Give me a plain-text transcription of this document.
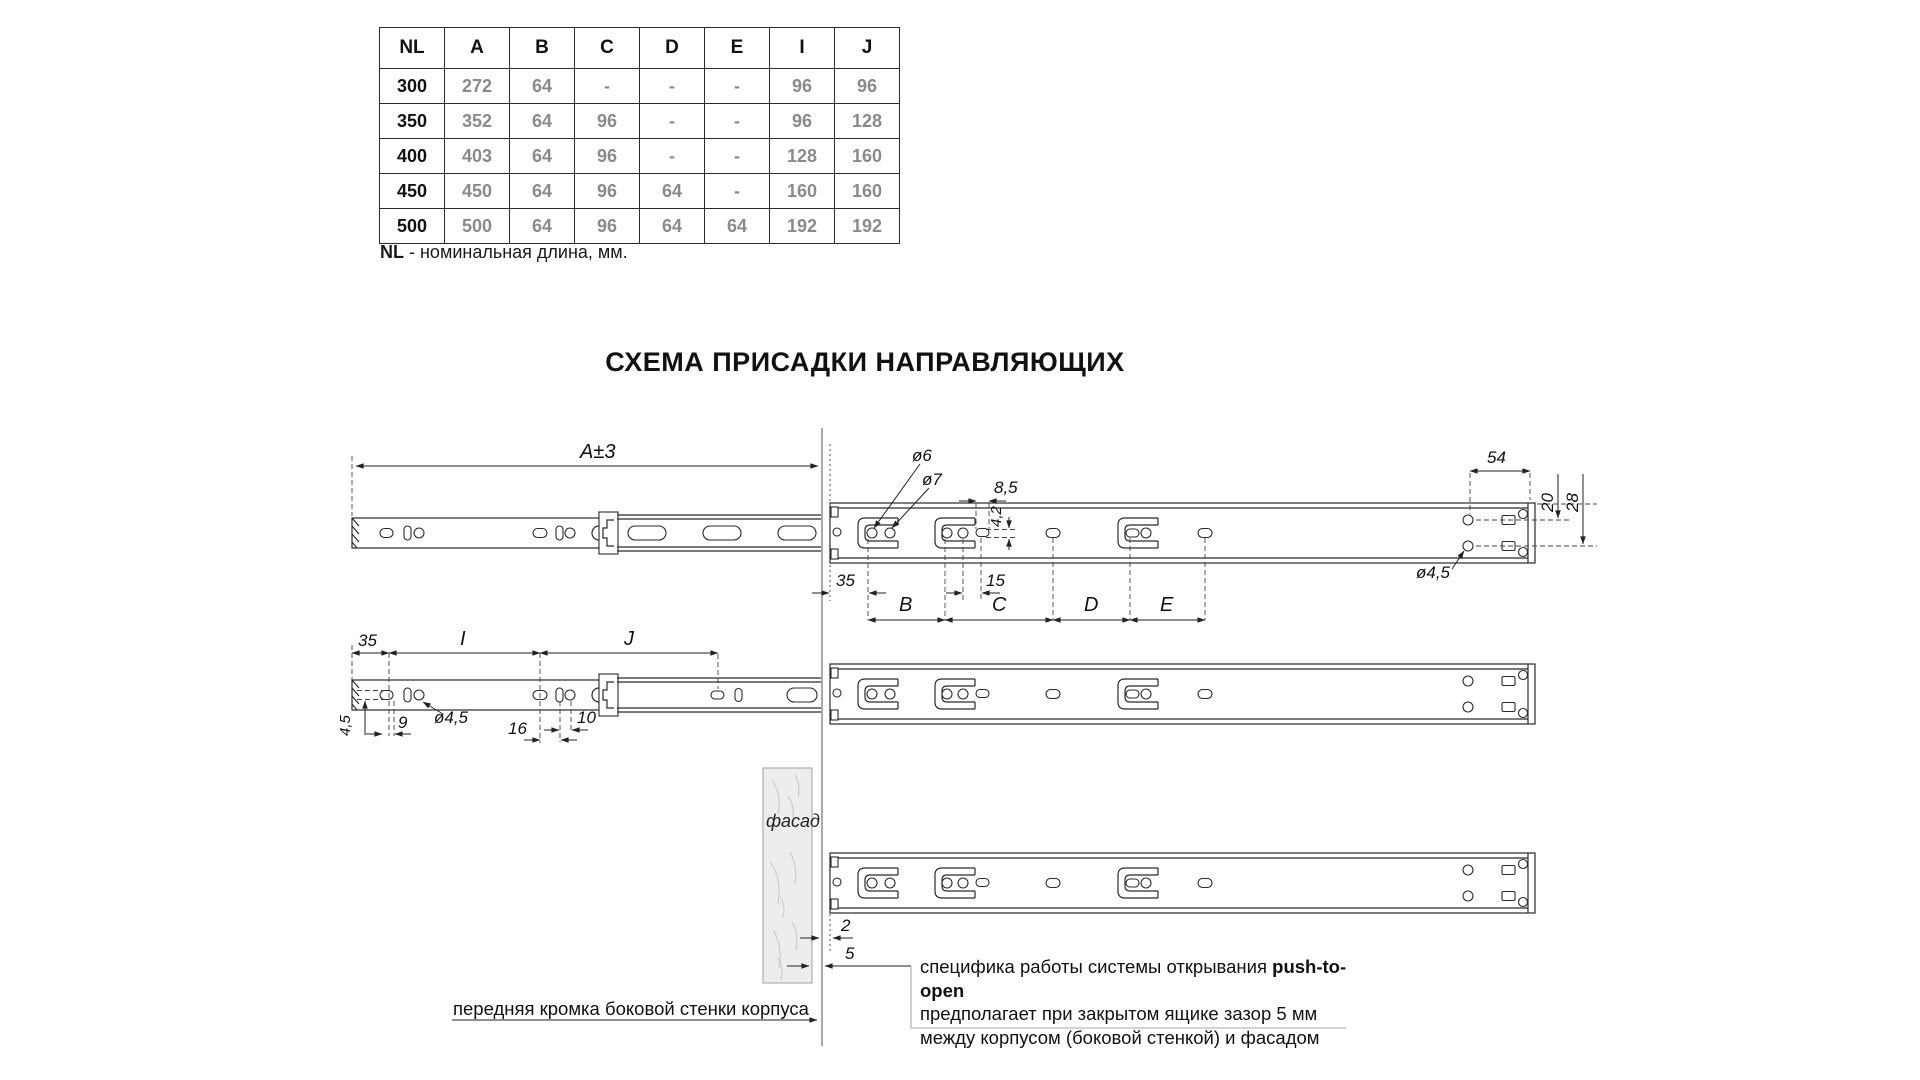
NL	A	B	C	D	E	I	J
300	272	64	-	-	-	96	96
350	352	64	96	-	-	96	128
400	403	64	96	-	-	128	160
450	450	64	96	64	-	160	160
500	500	64	96	64	64	192	192
NL - номинальная длина, мм.
СХЕМА ПРИСАДКИ НАПРАВЛЯЮЩИХ
фасад
A±3	ø6
ø7	8,5
4,2
35	15
B	C	D	E
54
20 28
ø4,5
35	I	J
4,5	9 ø4,5
16
10
2
5
передняя кромка боковой стенки корпуса
специфика работы системы открывания push-to-open
предполагает при закрытом ящике зазор 5 мм
между корпусом (боковой стенкой) и фасадом
